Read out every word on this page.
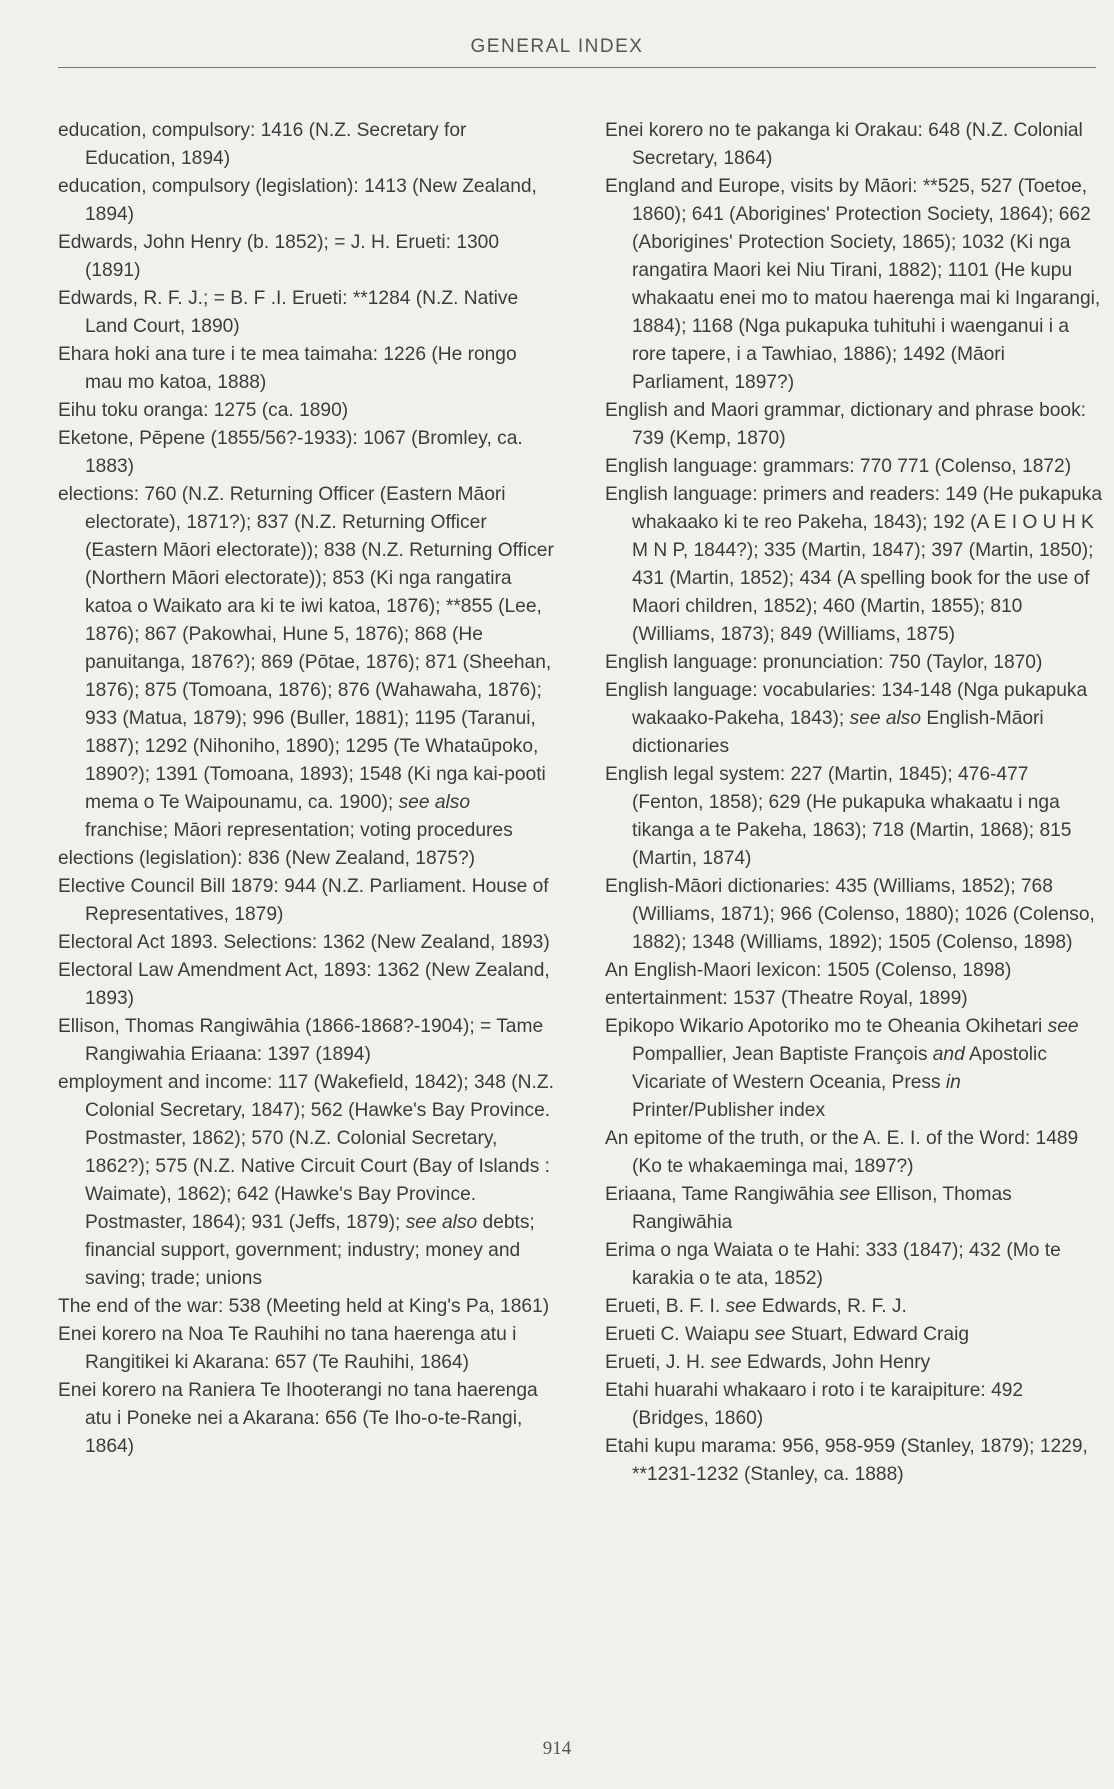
GENERAL INDEX

education, compulsory: 1416 (N.Z. Secretary for Education, 1894)

education, compulsory (legislation): 1413 (New Zealand, 1894)

Edwards, John Henry (b. 1852); = J. H. Erueti: 1300 (1891)

Edwards, R. F. J.; = B. F .I. Erueti: **1284 (N.Z. Native Land Court, 1890)

Ehara hoki ana ture i te mea taimaha: 1226 (He rongo mau mo katoa, 1888)

Eihu toku oranga: 1275 (ca. 1890)

Eketone, Pēpene (1855/56?-1933): 1067 (Bromley, ca. 1883)

elections: 760 (N.Z. Returning Officer (Eastern Māori electorate), 1871?); 837 (N.Z. Returning Officer (Eastern Māori electorate)); 838 (N.Z. Returning Officer (Northern Māori electorate)); 853 (Ki nga rangatira katoa o Waikato ara ki te iwi katoa, 1876); **855 (Lee, 1876); 867 (Pakowhai, Hune 5, 1876); 868 (He panuitanga, 1876?); 869 (Pōtae, 1876); 871 (Sheehan, 1876); 875 (Tomoana, 1876); 876 (Wahawaha, 1876); 933 (Matua, 1879); 996 (Buller, 1881); 1195 (Taranui, 1887); 1292 (Nihoniho, 1890); 1295 (Te Whataūpoko, 1890?); 1391 (Tomoana, 1893); 1548 (Ki nga kai-pooti mema o Te Waipounamu, ca. 1900); see also franchise; Māori representation; voting procedures

elections (legislation): 836 (New Zealand, 1875?)

Elective Council Bill 1879: 944 (N.Z. Parliament. House of Representatives, 1879)

Electoral Act 1893. Selections: 1362 (New Zealand, 1893)

Electoral Law Amendment Act, 1893: 1362 (New Zealand, 1893)

Ellison, Thomas Rangiwāhia (1866-1868?-1904); = Tame Rangiwahia Eriaana: 1397 (1894)

employment and income: 117 (Wakefield, 1842); 348 (N.Z. Colonial Secretary, 1847); 562 (Hawke's Bay Province. Postmaster, 1862); 570 (N.Z. Colonial Secretary, 1862?); 575 (N.Z. Native Circuit Court (Bay of Islands : Waimate), 1862); 642 (Hawke's Bay Province. Postmaster, 1864); 931 (Jeffs, 1879); see also debts; financial support, government; industry; money and saving; trade; unions

The end of the war: 538 (Meeting held at King's Pa, 1861)

Enei korero na Noa Te Rauhihi no tana haerenga atu i Rangitikei ki Akarana: 657 (Te Rauhihi, 1864)

Enei korero na Raniera Te Ihooterangi no tana haerenga atu i Poneke nei a Akarana: 656 (Te Iho-o-te-Rangi, 1864)

Enei korero no te pakanga ki Orakau: 648 (N.Z. Colonial Secretary, 1864)

England and Europe, visits by Māori: **525, 527 (Toetoe, 1860); 641 (Aborigines' Protection Society, 1864); 662 (Aborigines' Protection Society, 1865); 1032 (Ki nga rangatira Maori kei Niu Tirani, 1882); 1101 (He kupu whakaatu enei mo to matou haerenga mai ki Ingarangi, 1884); 1168 (Nga pukapuka tuhituhi i waenganui i a rore tapere, i a Tawhiao, 1886); 1492 (Māori Parliament, 1897?)

English and Maori grammar, dictionary and phrase book: 739 (Kemp, 1870)

English language: grammars: 770 771 (Colenso, 1872)

English language: primers and readers: 149 (He pukapuka whakaako ki te reo Pakeha, 1843); 192 (A E I O U H K M N P, 1844?); 335 (Martin, 1847); 397 (Martin, 1850); 431 (Martin, 1852); 434 (A spelling book for the use of Maori children, 1852); 460 (Martin, 1855); 810 (Williams, 1873); 849 (Williams, 1875)

English language: pronunciation: 750 (Taylor, 1870)

English language: vocabularies: 134-148 (Nga pukapuka wakaako-Pakeha, 1843); see also English-Māori dictionaries

English legal system: 227 (Martin, 1845); 476-477 (Fenton, 1858); 629 (He pukapuka whakaatu i nga tikanga a te Pakeha, 1863); 718 (Martin, 1868); 815 (Martin, 1874)

English-Māori dictionaries: 435 (Williams, 1852); 768 (Williams, 1871); 966 (Colenso, 1880); 1026 (Colenso, 1882); 1348 (Williams, 1892); 1505 (Colenso, 1898)

An English-Maori lexicon: 1505 (Colenso, 1898)

entertainment: 1537 (Theatre Royal, 1899)

Epikopo Wikario Apotoriko mo te Oheania Okihetari see Pompallier, Jean Baptiste François and Apostolic Vicariate of Western Oceania, Press in Printer/Publisher index

An epitome of the truth, or the A. E. I. of the Word: 1489 (Ko te whakaeminga mai, 1897?)

Eriaana, Tame Rangiwāhia see Ellison, Thomas Rangiwāhia

Erima o nga Waiata o te Hahi: 333 (1847); 432 (Mo te karakia o te ata, 1852)

Erueti, B. F. I. see Edwards, R. F. J.

Erueti C. Waiapu see Stuart, Edward Craig

Erueti, J. H. see Edwards, John Henry

Etahi huarahi whakaaro i roto i te karaipiture: 492 (Bridges, 1860)

Etahi kupu marama: 956, 958-959 (Stanley, 1879); 1229, **1231-1232 (Stanley, ca. 1888)

914
